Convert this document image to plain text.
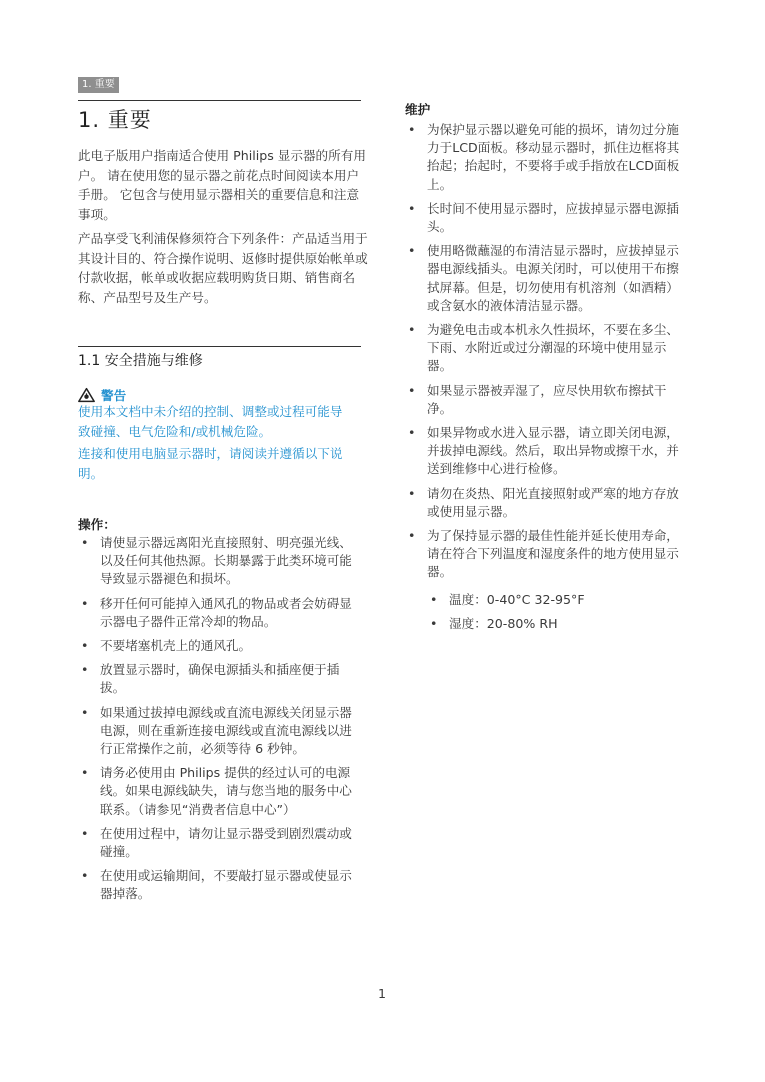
1. 重要
1. 重要

此电子版用户指南适合使用 Philips 显示器的所有用户。 请在使用您的显示器之前花点时间阅读本用户手册。 它包含与使用显示器相关的重要信息和注意事项。

产品享受飞利浦保修须符合下列条件：产品适当用于其设计目的、符合操作说明、返修时提供原始帐单或付款收据，帐单或收据应载明购货日期、销售商名称、产品型号及生产号。

1.1 安全措施与维修
警告

使用本文档中未介绍的控制、调整或过程可能导致碰撞、电气危险和/或机械危险。

连接和使用电脑显示器时，请阅读并遵循以下说明。

操作：
• 请使显示器远离阳光直接照射、明亮强光线、以及任何其他热源。长期暴露于此类环境可能导致显示器褪色和损坏。
• 移开任何可能掉入通风孔的物品或者会妨碍显示器电子器件正常冷却的物品。
• 不要堵塞机壳上的通风孔。
• 放置显示器时，确保电源插头和插座便于插拔。
• 如果通过拔掉电源线或直流电源线关闭显示器电源，则在重新连接电源线或直流电源线以进行正常操作之前，必须等待 6 秒钟。
• 请务必使用由 Philips 提供的经过认可的电源线。如果电源线缺失，请与您当地的服务中心联系。（请参见“消费者信息中心”）
• 在使用过程中，请勿让显示器受到剧烈震动或碰撞。
• 在使用或运输期间，不要敲打显示器或使显示器掉落。
维护
• 为保护显示器以避免可能的损坏，请勿过分施力于LCD面板。移动显示器时，抓住边框将其抬起；抬起时，不要将手或手指放在LCD面板上。
• 长时间不使用显示器时，应拔掉显示器电源插头。
• 使用略微蘸湿的布清洁显示器时，应拔掉显示器电源线插头。电源关闭时，可以使用干布擦拭屏幕。但是，切勿使用有机溶剂（如酒精）或含氨水的液体清洁显示器。
• 为避免电击或本机永久性损坏，不要在多尘、下雨、水附近或过分潮湿的环境中使用显示器。
• 如果显示器被弄湿了，应尽快用软布擦拭干净。
• 如果异物或水进入显示器，请立即关闭电源，并拔掉电源线。然后，取出异物或擦干水，并送到维修中心进行检修。
• 请勿在炎热、阳光直接照射或严寒的地方存放或使用显示器。
• 为了保持显示器的最佳性能并延长使用寿命，请在符合下列温度和湿度条件的地方使用显示器。
• 温度：0-40°C 32-95°F
• 湿度：20-80% RH
1
